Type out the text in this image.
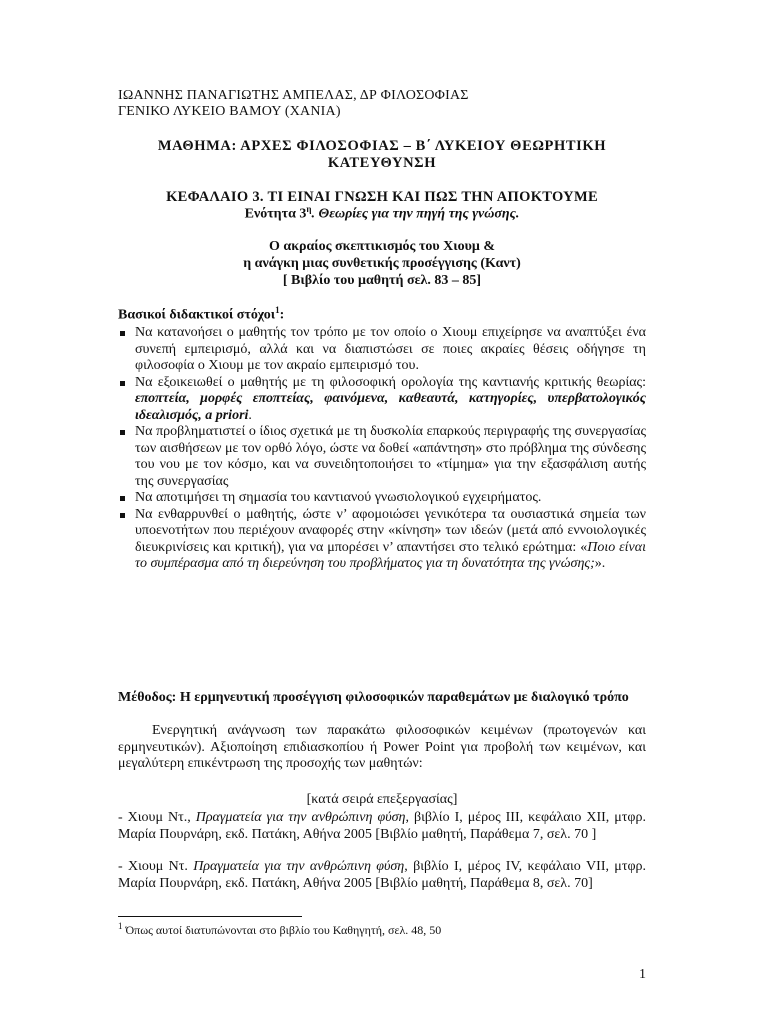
ΙΩΑΝΝΗΣ ΠΑΝΑΓΙΩΤΗΣ ΑΜΠΕΛΑΣ, ΔΡ ΦΙΛΟΣΟΦΙΑΣ
ΓΕΝΙΚΟ ΛΥΚΕΙΟ ΒΑΜΟΥ (ΧΑΝΙΑ)
ΜΑΘΗΜΑ: ΑΡΧΕΣ ΦΙΛΟΣΟΦΙΑΣ – Β΄ ΛΥΚΕΙΟΥ ΘΕΩΡΗΤΙΚΗ ΚΑΤΕΥΘΥΝΣΗ
ΚΕΦΑΛΑΙΟ 3. ΤΙ ΕΙΝΑΙ ΓΝΩΣΗ ΚΑΙ ΠΩΣ ΤΗΝ ΑΠΟΚΤΟΥΜΕ
Ενότητα $3^\eta$. Θεωρίες για την πηγή της γνώσης.
Ο ακραίος σκεπτικισμός του Χιουμ &
η ανάγκη μιας συνθετικής προσέγγισης (Καντ)
[ Βιβλίο του μαθητή σελ. 83 – 85]
Βασικοί διδακτικοί στόχοι$^1$:
Να κατανοήσει ο μαθητής τον τρόπο με τον οποίο ο Χιουμ επιχείρησε να αναπτύξει ένα συνεπή εμπειρισμό, αλλά και να διαπιστώσει σε ποιες ακραίες θέσεις οδήγησε τη φιλοσοφία ο Χιουμ με τον ακραίο εμπειρισμό του.
Να εξοικειωθεί ο μαθητής με τη φιλοσοφική ορολογία της καντιανής κριτικής θεωρίας: εποπτεία, μορφές εποπτείας, φαινόμενα, καθεαυτά, κατηγορίες, υπερβατολογικός ιδεαλισμός, a priori.
Να προβληματιστεί ο ίδιος σχετικά με τη δυσκολία επαρκούς περιγραφής της συνεργασίας των αισθήσεων με τον ορθό λόγο, ώστε να δοθεί «απάντηση» στο πρόβλημα της σύνδεσης του νου με τον κόσμο, και να συνειδητοποιήσει το «τίμημα» για την εξασφάλιση αυτής της συνεργασίας
Να αποτιμήσει τη σημασία του καντιανού γνωσιολογικού εγχειρήματος.
Να ενθαρρυνθεί ο μαθητής, ώστε ν’ αφομοιώσει γενικότερα τα ουσιαστικά σημεία των υποενοτήτων που περιέχουν αναφορές στην «κίνηση» των ιδεών (μετά από εννοιολογικές διευκρινίσεις και κριτική), για να μπορέσει ν’ απαντήσει στο τελικό ερώτημα: «Ποιο είναι το συμπέρασμα από τη διερεύνηση του προβλήματος για τη δυνατότητα της γνώσης;».
Μέθοδος: Η ερμηνευτική προσέγγιση φιλοσοφικών παραθεμάτων με διαλογικό τρόπο
Ενεργητική ανάγνωση των παρακάτω φιλοσοφικών κειμένων (πρωτογενών και ερμηνευτικών). Αξιοποίηση επιδιασκοπίου ή Power Point για προβολή των κειμένων, και μεγαλύτερη επικέντρωση της προσοχής των μαθητών:
[κατά σειρά επεξεργασίας]
- Χιουμ Ντ., Πραγματεία για την ανθρώπινη φύση, βιβλίο Ι, μέρος ΙΙΙ, κεφάλαιο ΧΙΙ, μτφρ. Μαρία Πουρνάρη, εκδ. Πατάκη, Αθήνα 2005 [Βιβλίο μαθητή, Παράθεμα 7, σελ. 70 ]
- Χιουμ Ντ. Πραγματεία για την ανθρώπινη φύση, βιβλίο Ι, μέρος IV, κεφάλαιο VII, μτφρ. Μαρία Πουρνάρη, εκδ. Πατάκη, Αθήνα 2005 [Βιβλίο μαθητή, Παράθεμα 8, σελ. 70]
$^1$ Όπως αυτοί διατυπώνονται στο βιβλίο του Καθηγητή, σελ. 48, 50
1
